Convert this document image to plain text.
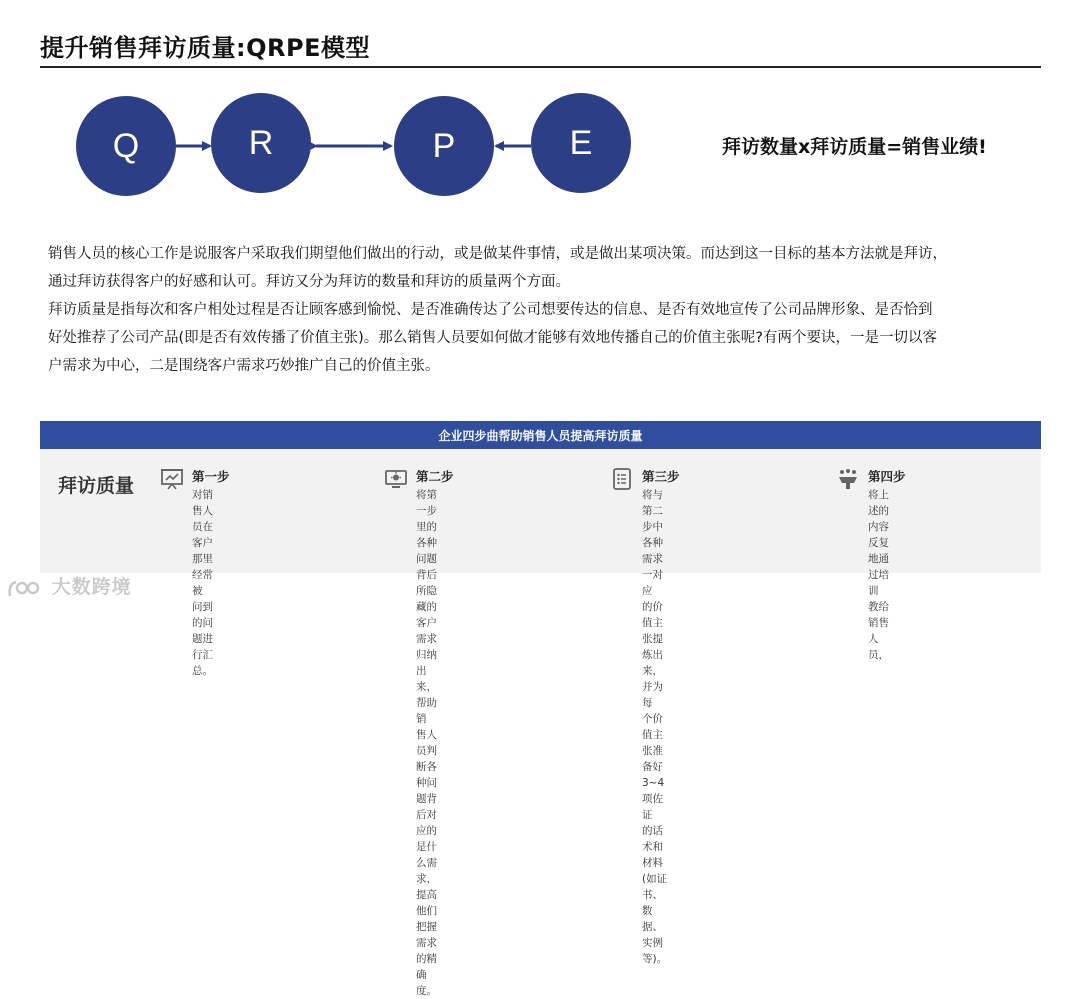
提升销售拜访质量:QRPE模型
Q	R	P	E	拜访数量x拜访质量=销售业绩!
销售人员的核心工作是说服客户采取我们期望他们做出的行动，或是做某件事情，或是做出某项决策。而达到这一目标的基本方法就是拜访，
通过拜访获得客户的好感和认可。拜访又分为拜访的数量和拜访的质量两个方面。
拜访质量是指每次和客户相处过程是否让顾客感到愉悦、是否准确传达了公司想要传达的信息、是否有效地宣传了公司品牌形象、是否恰到
好处推荐了公司产品(即是否有效传播了价值主张)。那么销售人员要如何做才能够有效地传播自己的价值主张呢?有两个要诀，一是一切以客
户需求为中心，二是围绕客户需求巧妙推广自己的价值主张。
企业四步曲帮助销售人员提高拜访质量
拜访质量	第一步
对销售人员在客户那里经常被
问到的问题进行汇总。
第二步
将第一步里的各种问题背后所隐
藏的客户需求归纳出来，帮助销
售人员判断各种问题背后对应的
是什么需求，提高他们把握需求
的精确度。
第三步
将与第二步中各种需求一对应
的价值主张提炼出来，并为每
个价值主张准备好3~4项佐证
的话术和材料(如证书、数据、
实例等)。
第四步
将上述的内容反复地通过培训
教给销售人员，
大数跨境
